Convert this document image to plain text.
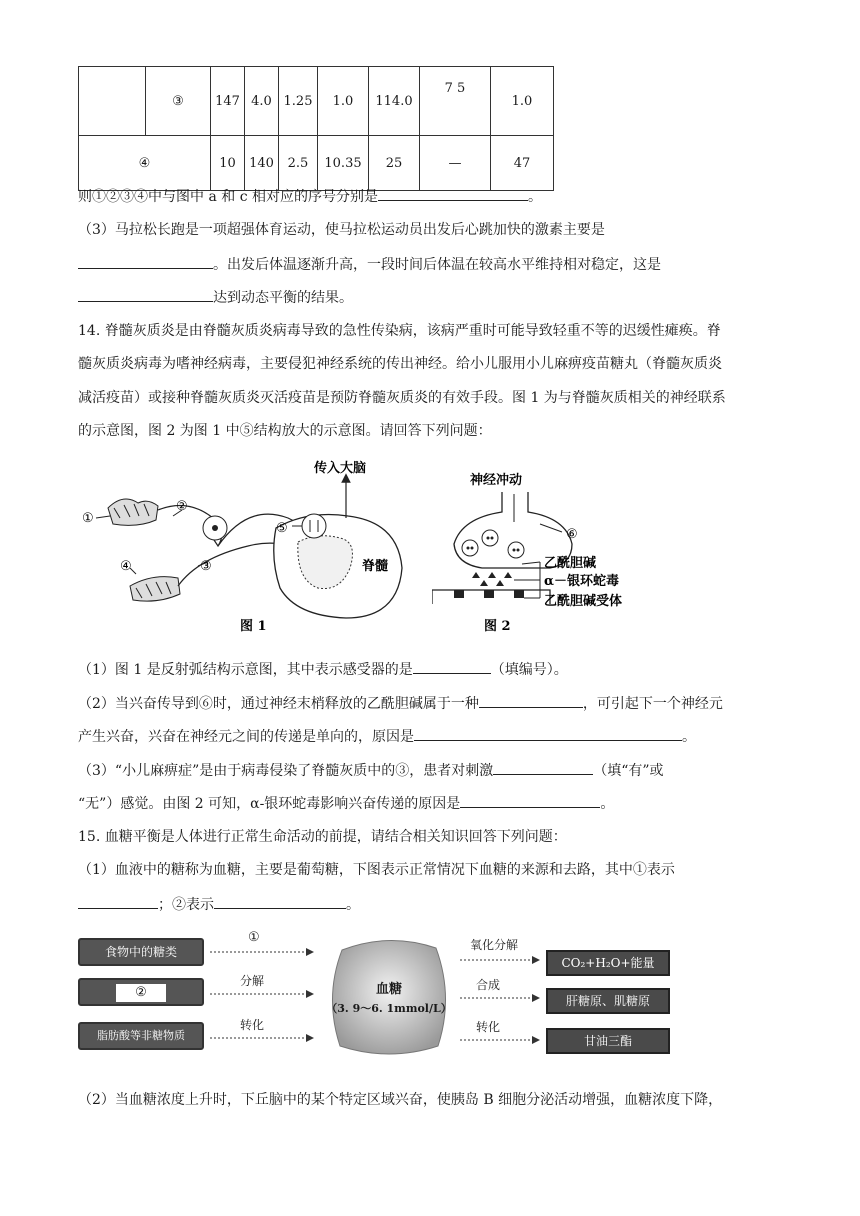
	③	147	4.0	1.25	1.0	114.0	7 5	1.0
④		10	140	2.5	10.35	25	—	47
则①②③④中与图中 a 和 c 相对应的序号分别是	。
（3）马拉松长跑是一项超强体育运动，使马拉松运动员出发后心跳加快的激素主要是
。出发后体温逐渐升高，一段时间后体温在较高水平维持相对稳定，这是
达到动态平衡的结果。
14. 脊髓灰质炎是由脊髓灰质炎病毒导致的急性传染病，该病严重时可能导致轻重不等的迟缓性瘫痪。脊
髓灰质炎病毒为嗜神经病毒，主要侵犯神经系统的传出神经。给小儿服用小儿麻痹疫苗糖丸（脊髓灰质炎
减活疫苗）或接种脊髓灰质炎灭活疫苗是预防脊髓灰质炎的有效手段。图 1 为与脊髓灰质相关的神经联系
的示意图，图 2 为图 1 中⑤结构放大的示意图。请回答下列问题：
①
②
③
④
⑤
传入大脑
脊髓
图 1
神经冲动
⑥
乙酰胆碱
α－银环蛇毒
乙酰胆碱受体
图 2
（1）图 1 是反射弧结构示意图，其中表示感受器的是	（填编号）。
（2）当兴奋传导到⑥时，通过神经末梢释放的乙酰胆碱属于一种	，可引起下一个神经元
产生兴奋，兴奋在神经元之间的传递是单向的，原因是	。
（3）“小儿麻痹症”是由于病毒侵染了脊髓灰质中的③，患者对刺激	（填“有”或
“无”）感觉。由图 2 可知，α-银环蛇毒影响兴奋传递的原因是	。
15. 血糖平衡是人体进行正常生命活动的前提，请结合相关知识回答下列问题：
（1）血液中的糖称为血糖，主要是葡萄糖，下图表示正常情况下血糖的来源和去路，其中①表示
；②表示	。
食物中的糖类
②
脂肪酸等非糖物质
①
分解
转化
血糖
（3. 9～6. 1mmol/L）
氧化分解
合成
转化
CO₂+H₂O+能量
肝糖原、肌糖原
甘油三酯
（2）当血糖浓度上升时，下丘脑中的某个特定区域兴奋，使胰岛 B 细胞分泌活动增强，血糖浓度下降，
